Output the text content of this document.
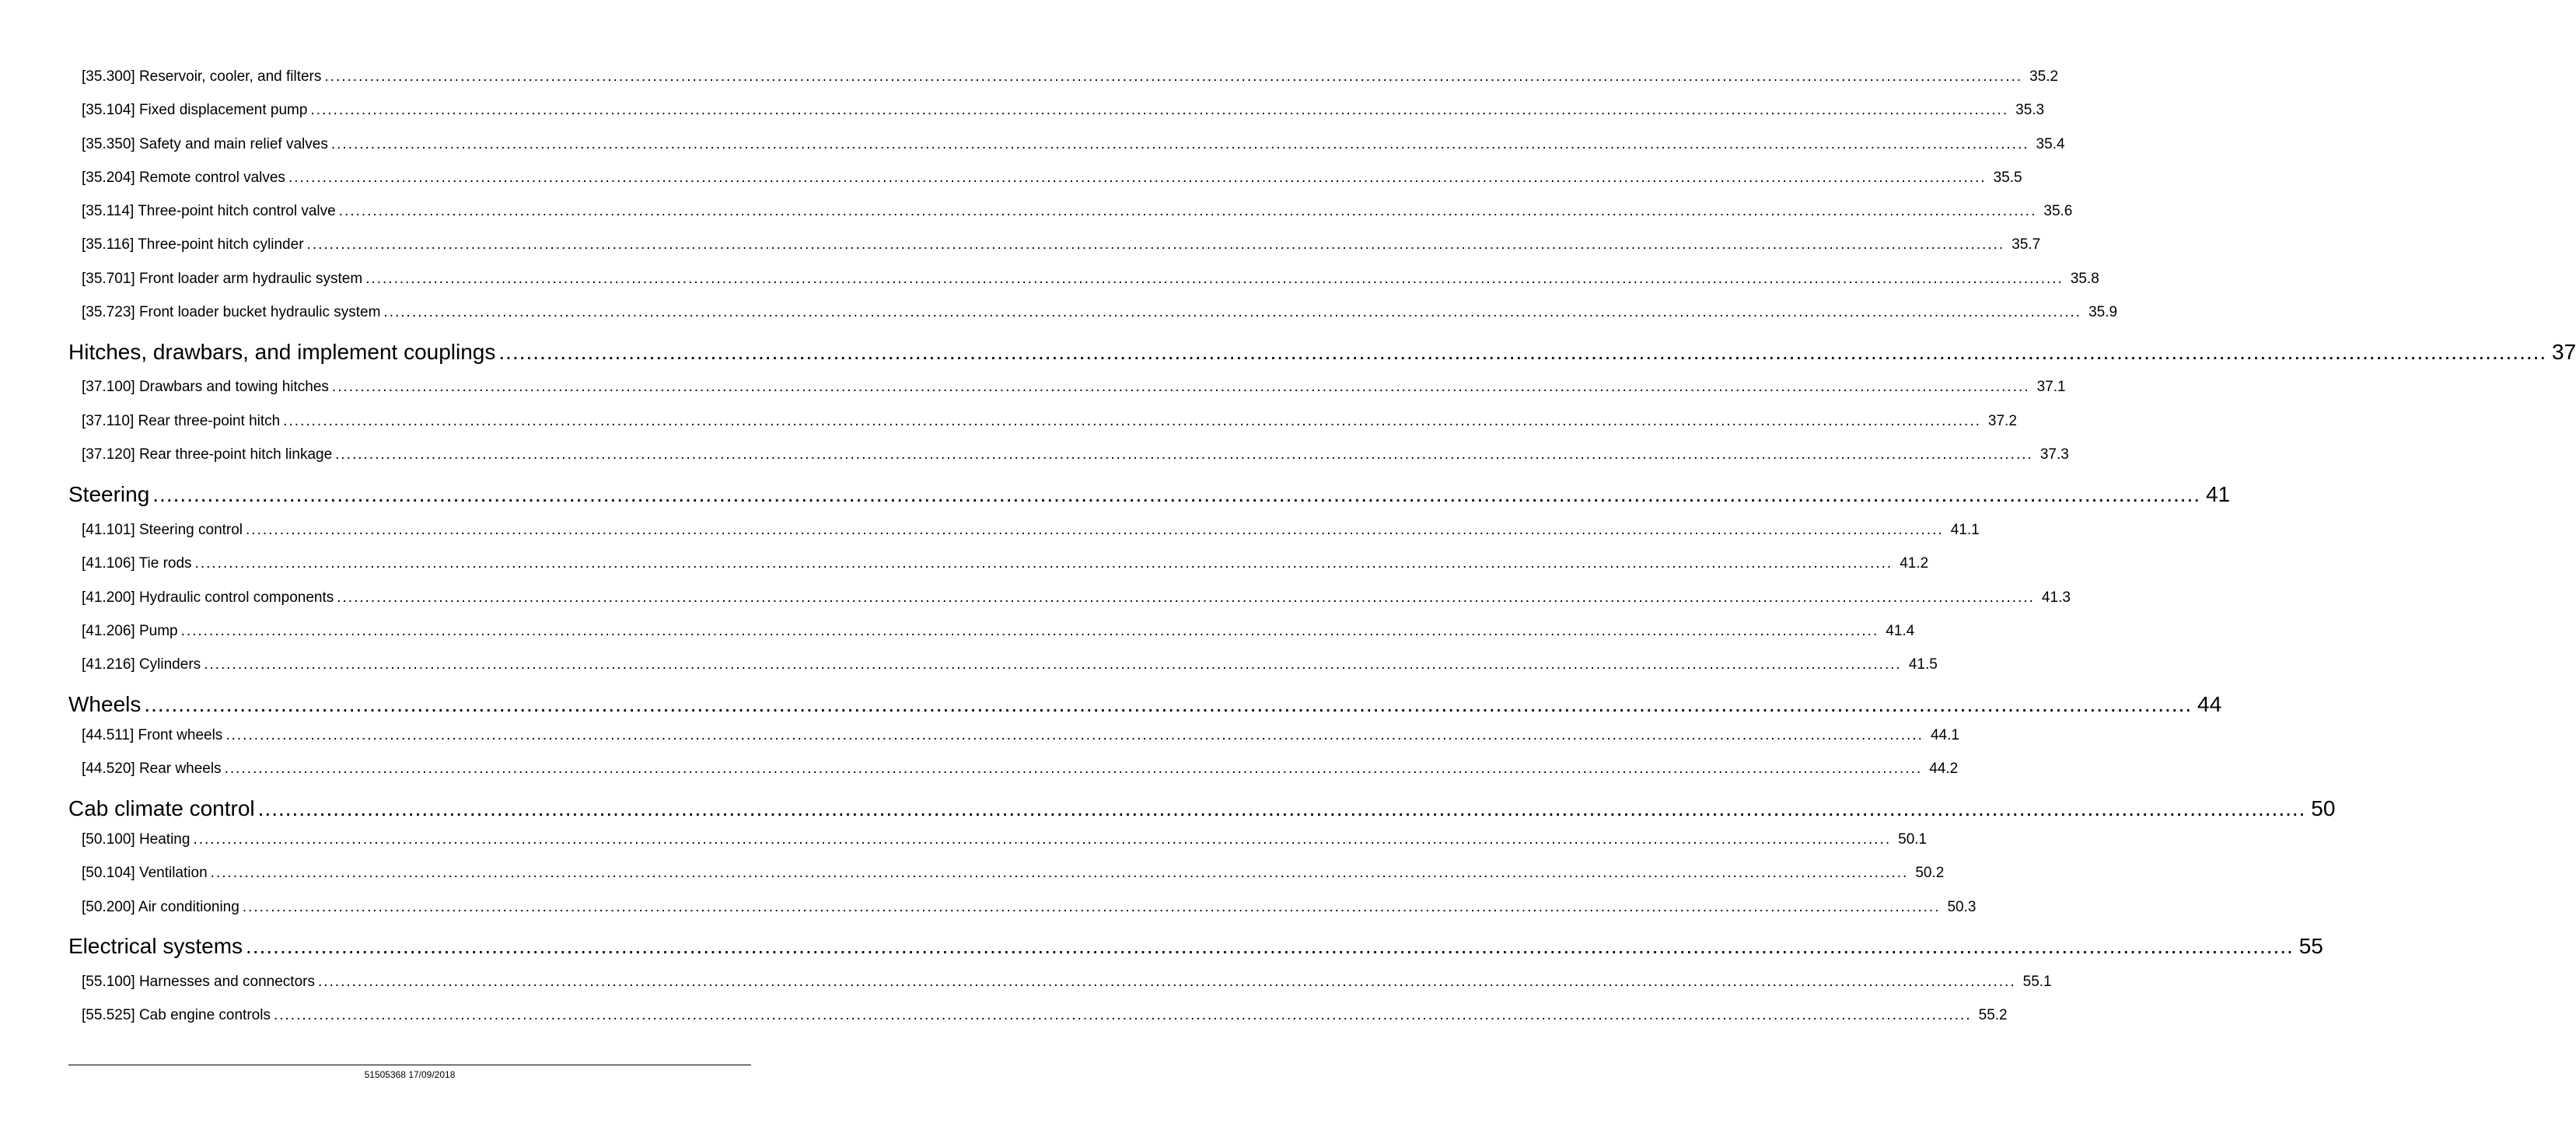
[35.300] Reservoir, cooler, and filters ............................................................................................................................................................................................................................................................................................................ 35.2
[35.104] Fixed displacement pump ............................................................................................................................................................................................................................................................................................................ 35.3
[35.350] Safety and main relief valves ............................................................................................................................................................................................................................................................................................................ 35.4
[35.204] Remote control valves ............................................................................................................................................................................................................................................................................................................ 35.5
[35.114] Three-point hitch control valve ............................................................................................................................................................................................................................................................................................................ 35.6
[35.116] Three-point hitch cylinder ............................................................................................................................................................................................................................................................................................................ 35.7
[35.701] Front loader arm hydraulic system ............................................................................................................................................................................................................................................................................................................ 35.8
[35.723] Front loader bucket hydraulic system ............................................................................................................................................................................................................................................................................................................ 35.9
Hitches, drawbars, and implement couplings ............................................................................................................................................................................................................................................................................................................ 37
[37.100] Drawbars and towing hitches ............................................................................................................................................................................................................................................................................................................ 37.1
[37.110] Rear three-point hitch ............................................................................................................................................................................................................................................................................................................ 37.2
[37.120] Rear three-point hitch linkage ............................................................................................................................................................................................................................................................................................................ 37.3
Steering ............................................................................................................................................................................................................................................................................................................ 41
[41.101] Steering control ............................................................................................................................................................................................................................................................................................................ 41.1
[41.106] Tie rods ............................................................................................................................................................................................................................................................................................................ 41.2
[41.200] Hydraulic control components ............................................................................................................................................................................................................................................................................................................ 41.3
[41.206] Pump ............................................................................................................................................................................................................................................................................................................ 41.4
[41.216] Cylinders ............................................................................................................................................................................................................................................................................................................ 41.5
Wheels ............................................................................................................................................................................................................................................................................................................ 44
[44.511] Front wheels ............................................................................................................................................................................................................................................................................................................ 44.1
[44.520] Rear wheels ............................................................................................................................................................................................................................................................................................................ 44.2
Cab climate control ............................................................................................................................................................................................................................................................................................................ 50
[50.100] Heating ............................................................................................................................................................................................................................................................................................................ 50.1
[50.104] Ventilation ............................................................................................................................................................................................................................................................................................................ 50.2
[50.200] Air conditioning ............................................................................................................................................................................................................................................................................................................ 50.3
Electrical systems ............................................................................................................................................................................................................................................................................................................ 55
[55.100] Harnesses and connectors ............................................................................................................................................................................................................................................................................................................ 55.1
[55.525] Cab engine controls ............................................................................................................................................................................................................................................................................................................ 55.2
51505368 17/09/2018
